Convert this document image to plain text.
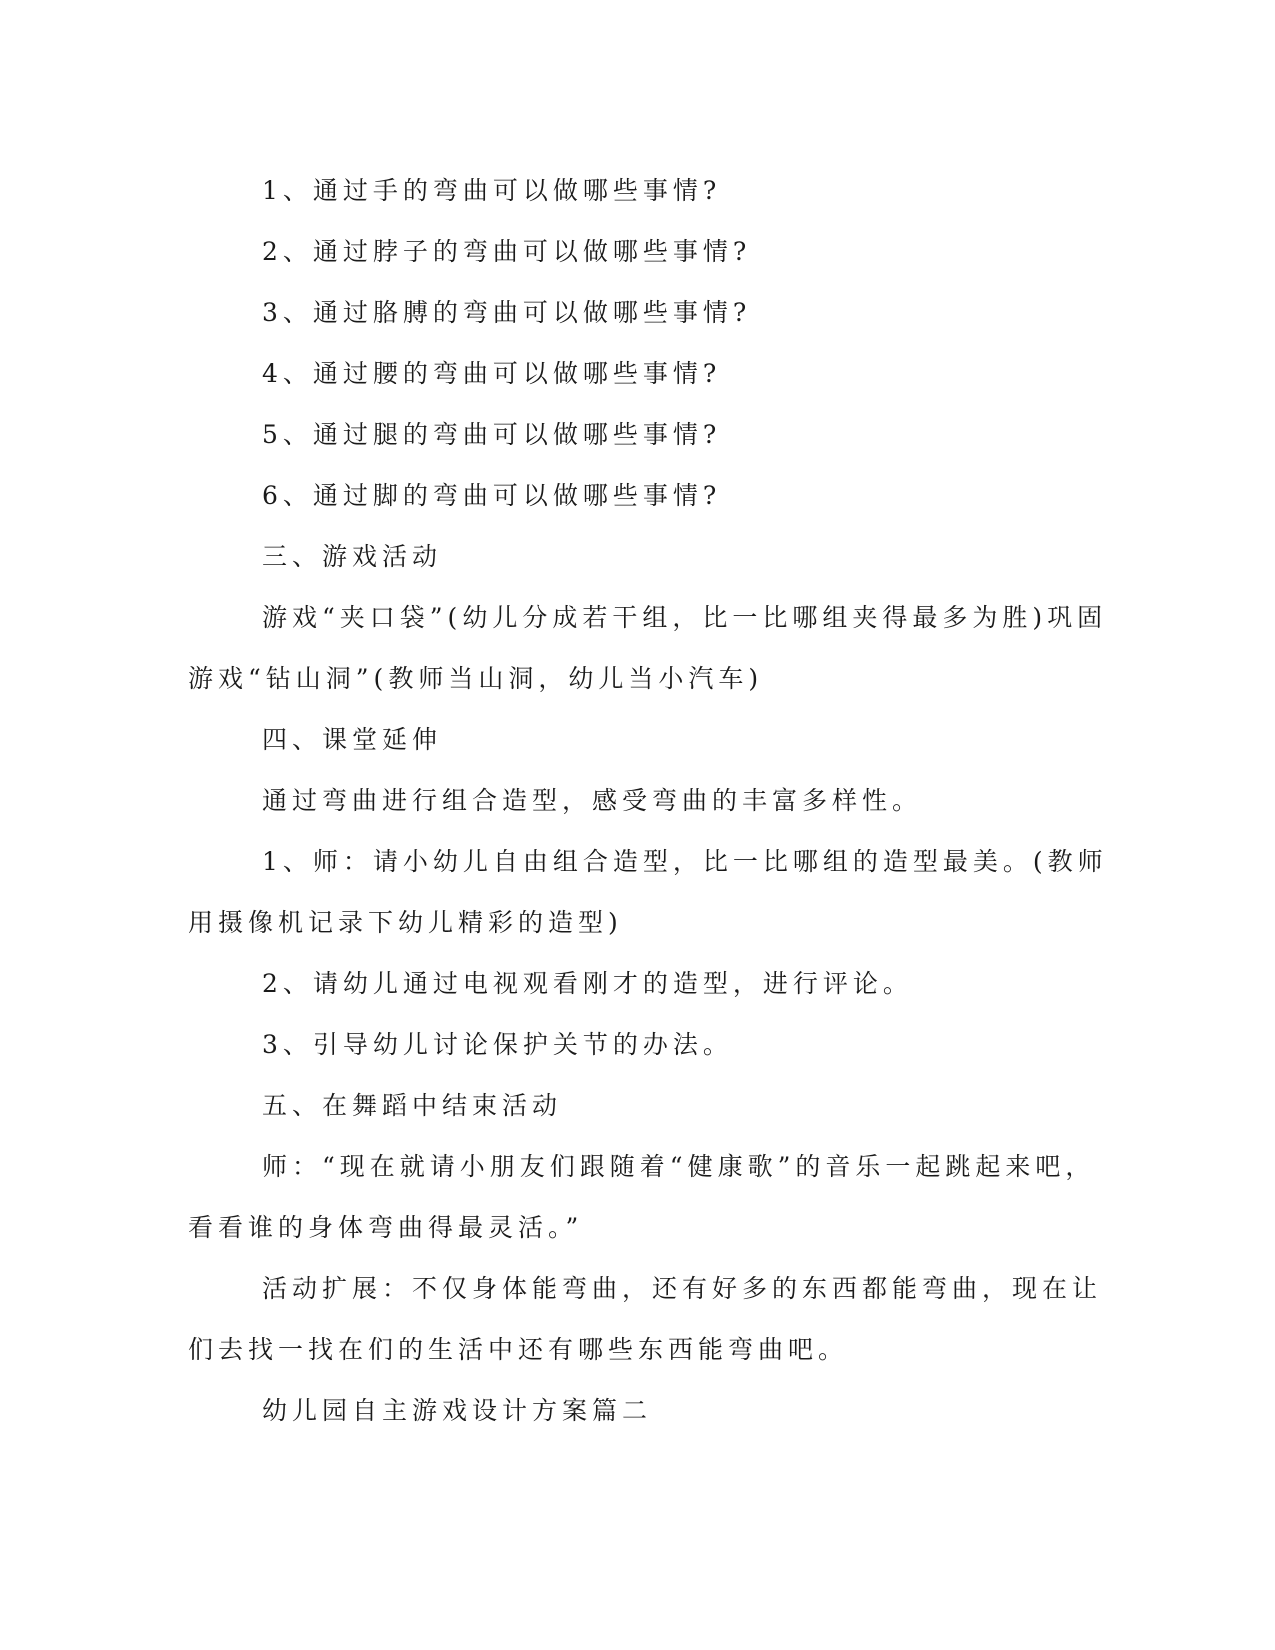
1、通过手的弯曲可以做哪些事情?

2、通过脖子的弯曲可以做哪些事情?

3、通过胳膊的弯曲可以做哪些事情?

4、通过腰的弯曲可以做哪些事情?

5、通过腿的弯曲可以做哪些事情?

6、通过脚的弯曲可以做哪些事情?

三、游戏活动

游戏“夹口袋”(幼儿分成若干组，比一比哪组夹得最多为胜)巩固

游戏“钻山洞”(教师当山洞，幼儿当小汽车)

四、课堂延伸

通过弯曲进行组合造型，感受弯曲的丰富多样性。

1、师：请小幼儿自由组合造型，比一比哪组的造型最美。(教师

用摄像机记录下幼儿精彩的造型)

2、请幼儿通过电视观看刚才的造型，进行评论。

3、引导幼儿讨论保护关节的办法。

五、在舞蹈中结束活动

师：“现在就请小朋友们跟随着“健康歌”的音乐一起跳起来吧，

看看谁的身体弯曲得最灵活。”

活动扩展：不仅身体能弯曲，还有好多的东西都能弯曲，现在让

们去找一找在们的生活中还有哪些东西能弯曲吧。

幼儿园自主游戏设计方案篇二
